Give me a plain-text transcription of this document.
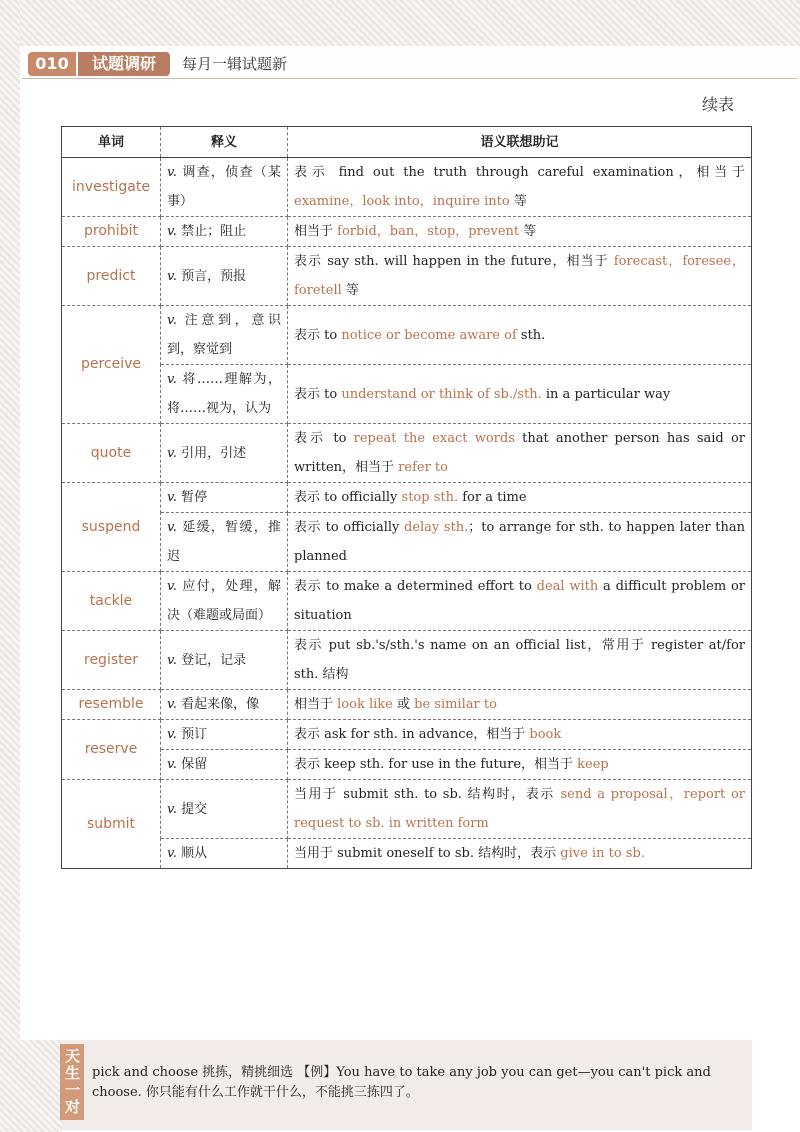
010	试题调研	每月一辑试题新
续表
单词	释义	语义联想助记
investigate	v. 调查，侦查（某事）	表示 find out the truth through careful examination，相当于 examine，look into，inquire into 等
prohibit	v. 禁止；阻止	相当于 forbid，ban，stop，prevent 等
predict	v. 预言，预报	表示 say sth. will happen in the future，相当于 forecast，foresee，foretell 等
perceive	v. 注意到，意识到，察觉到	表示 to notice or become aware of sth.
	v. 将……理解为，将……视为，认为	表示 to understand or think of sb./sth. in a particular way
quote	v. 引用，引述	表示 to repeat the exact words that another person has said or written，相当于 refer to
suspend	v. 暂停	表示 to officially stop sth. for a time
	v. 延缓，暂缓，推迟	表示 to officially delay sth.；to arrange for sth. to happen later than planned
tackle	v. 应付，处理，解决（难题或局面）	表示 to make a determined effort to deal with a difficult problem or situation
register	v. 登记，记录	表示 put sb.'s/sth.'s name on an official list，常用于 register at/for sth. 结构
resemble	v. 看起来像，像	相当于 look like 或 be similar to
reserve	v. 预订	表示 ask for sth. in advance，相当于 book
	v. 保留	表示 keep sth. for use in the future，相当于 keep
submit	v. 提交	当用于 submit sth. to sb. 结构时，表示 send a proposal，report or request to sb. in written form
	v. 顺从	当用于 submit oneself to sb. 结构时，表示 give in to sb.
天生一对 pick and choose 挑拣，精挑细选 【例】You have to take any job you can get—you can't pick and choose. 你只能有什么工作就干什么，不能挑三拣四了。
